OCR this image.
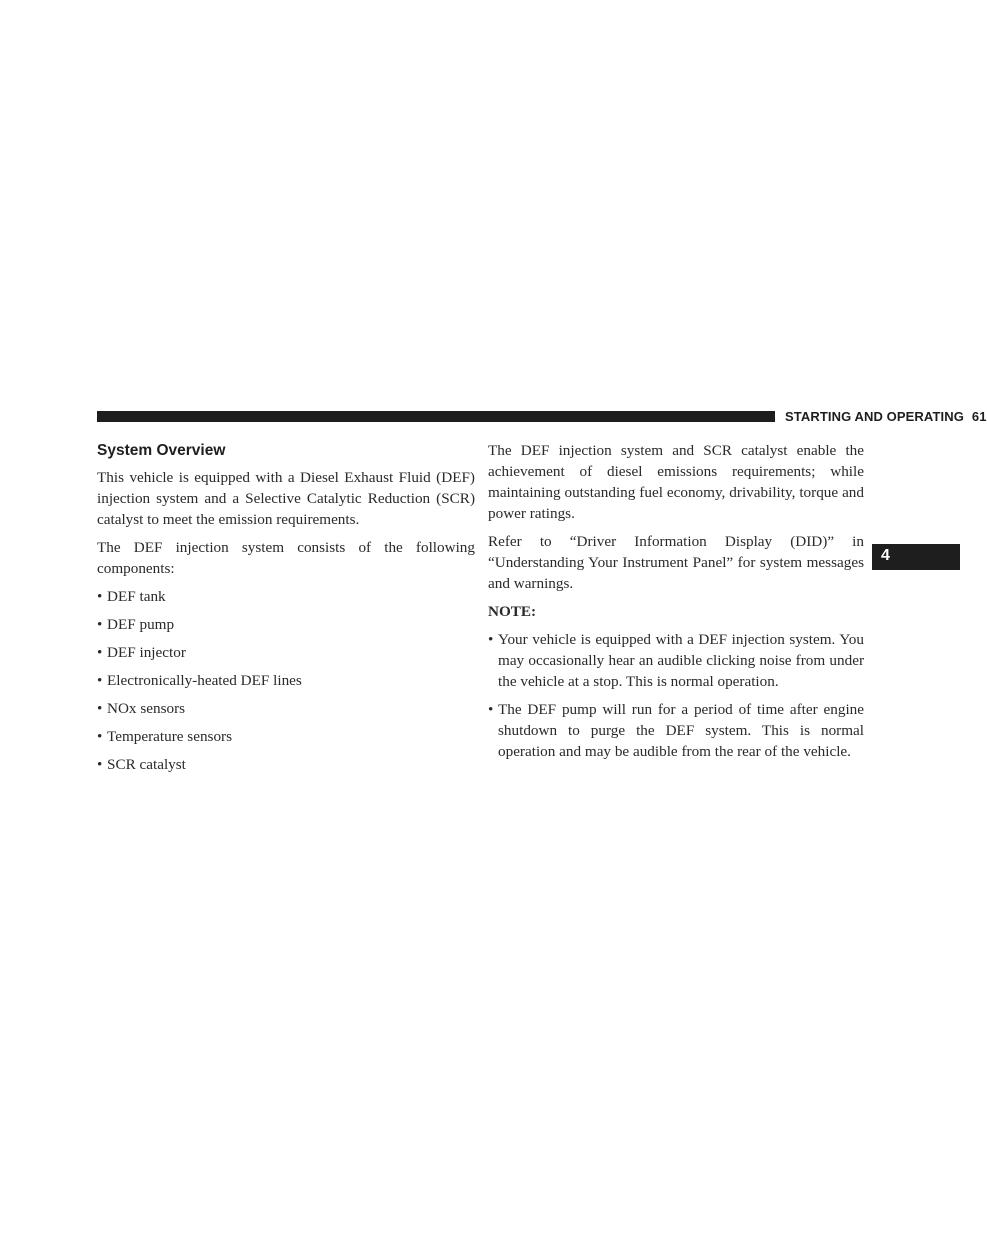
STARTING AND OPERATING 61
4
System Overview

This vehicle is equipped with a Diesel Exhaust Fluid (DEF) injection system and a Selective Catalytic Reduction (SCR) catalyst to meet the emission requirements.

The DEF injection system consists of the following components:

• DEF tank
• DEF pump
• DEF injector
• Electronically-heated DEF lines
• NOx sensors
• Temperature sensors
• SCR catalyst

The DEF injection system and SCR catalyst enable the achievement of diesel emissions requirements; while maintaining outstanding fuel economy, drivability, torque and power ratings.

Refer to “Driver Information Display (DID)” in “Understanding Your Instrument Panel” for system messages and warnings.

NOTE:
• Your vehicle is equipped with a DEF injection system. You may occasionally hear an audible clicking noise from under the vehicle at a stop. This is normal operation.
• The DEF pump will run for a period of time after engine shutdown to purge the DEF system. This is normal operation and may be audible from the rear of the vehicle.
